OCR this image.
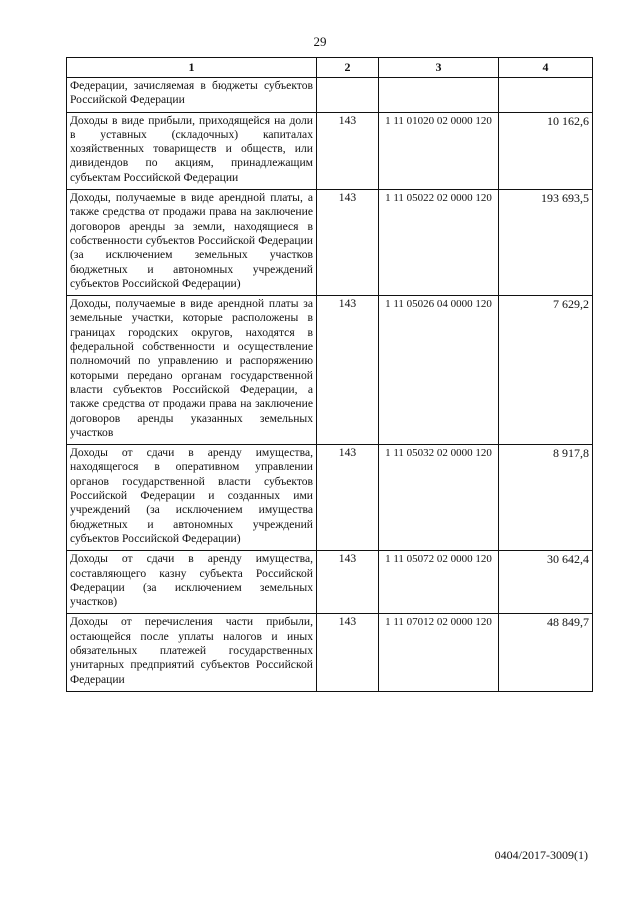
29
1	2	3	4
Федерации, зачисляемая в бюджеты субъектов Российской Федерации			
Доходы в виде прибыли, приходящейся на доли в уставных (складочных) капиталах хозяйственных товариществ и обществ, или дивидендов по акциям, принадлежащим субъектам Российской Федерации	143	1 11 01020 02 0000 120	10 162,6
Доходы, получаемые в виде арендной платы, а также средства от продажи права на заключение договоров аренды за земли, находящиеся в собственности субъектов Российской Федерации (за исключением земельных участков бюджетных и автономных учреждений субъектов Российской Федерации)	143	1 11 05022 02 0000 120	193 693,5
Доходы, получаемые в виде арендной платы за земельные участки, которые расположены в границах городских округов, находятся в федеральной собственности и осуществление полномочий по управлению и распоряжению которыми передано органам государственной власти субъектов Российской Федерации, а также средства от продажи права на заключение договоров аренды указанных земельных участков	143	1 11 05026 04 0000 120	7 629,2
Доходы от сдачи в аренду имущества, находящегося в оперативном управлении органов государственной власти субъектов Российской Федерации и созданных ими учреждений (за исключением имущества бюджетных и автономных учреждений субъектов Российской Федерации)	143	1 11 05032 02 0000 120	8 917,8
Доходы от сдачи в аренду имущества, составляющего казну субъекта Российской Федерации (за исключением земельных участков)	143	1 11 05072 02 0000 120	30 642,4
Доходы от перечисления части прибыли, остающейся после уплаты налогов и иных обязательных платежей государственных унитарных предприятий субъектов Российской Федерации	143	1 11 07012 02 0000 120	48 849,7
0404/2017-3009(1)
